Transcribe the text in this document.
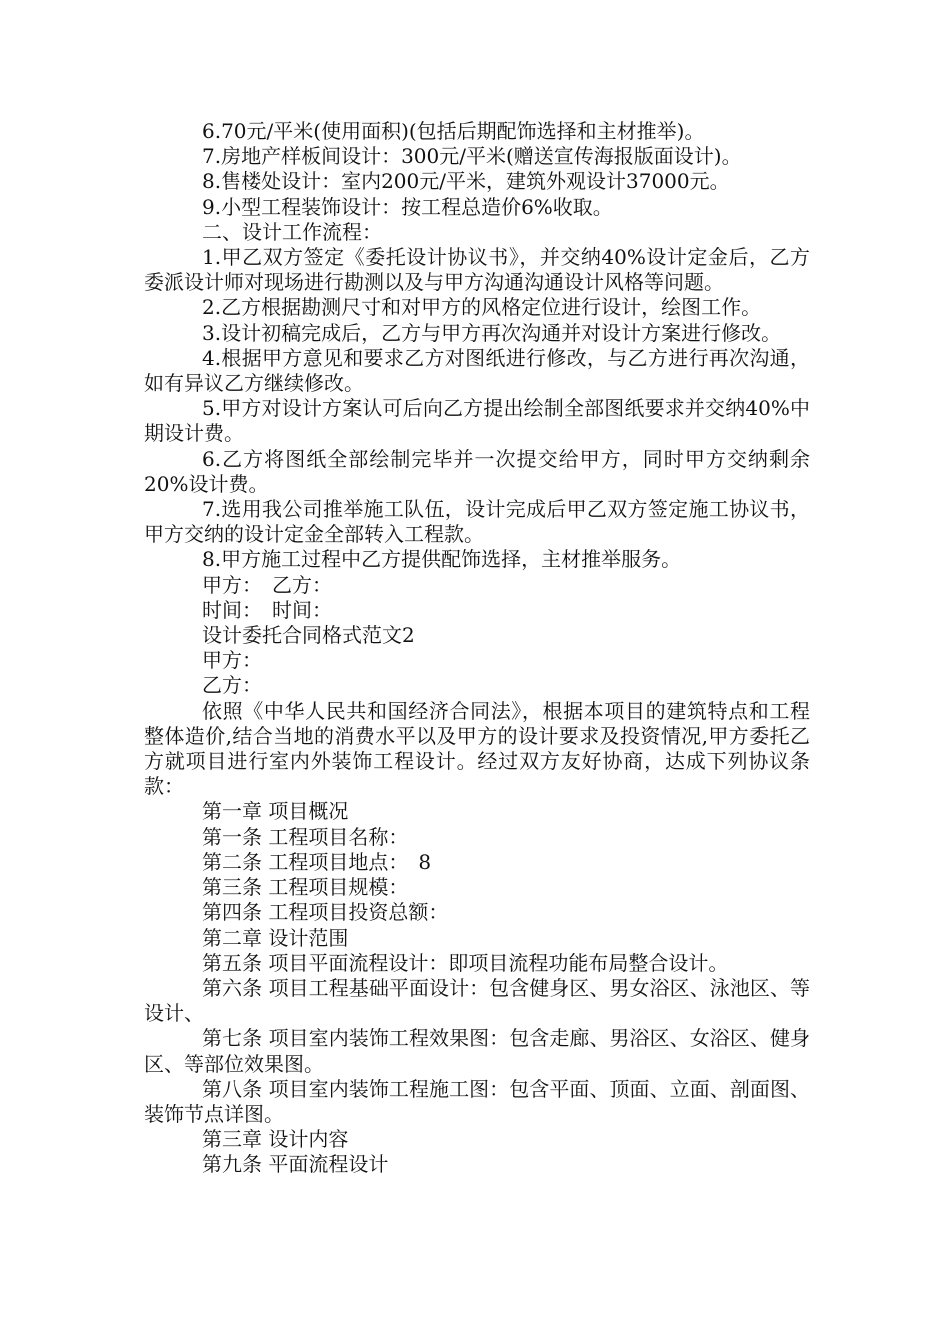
6.70元/平米(使用面积)(包括后期配饰选择和主材推举)。

7.房地产样板间设计：300元/平米(赠送宣传海报版面设计)。

8.售楼处设计：室内200元/平米，建筑外观设计37000元。

9.小型工程装饰设计：按工程总造价6%收取。

二、设计工作流程：

1.甲乙双方签定《委托设计协议书》，并交纳40%设计定金后，乙方委派设计师对现场进行勘测以及与甲方沟通沟通设计风格等问题。

2.乙方根据勘测尺寸和对甲方的风格定位进行设计，绘图工作。

3.设计初稿完成后，乙方与甲方再次沟通并对设计方案进行修改。

4.根据甲方意见和要求乙方对图纸进行修改，与乙方进行再次沟通，如有异议乙方继续修改。

5.甲方对设计方案认可后向乙方提出绘制全部图纸要求并交纳40%中期设计费。

6.乙方将图纸全部绘制完毕并一次提交给甲方，同时甲方交纳剩余20%设计费。

7.选用我公司推举施工队伍，设计完成后甲乙双方签定施工协议书，甲方交纳的设计定金全部转入工程款。

8.甲方施工过程中乙方提供配饰选择，主材推举服务。

甲方：　乙方：

时间：　时间：

设计委托合同格式范文2

甲方：

乙方：

依照《中华人民共和国经济合同法》，根据本项目的建筑特点和工程整体造价,结合当地的消费水平以及甲方的设计要求及投资情况,甲方委托乙方就项目进行室内外装饰工程设计。经过双方友好协商，达成下列协议条款：

第一章 项目概况

第一条 工程项目名称：

第二条 工程项目地点：　8

第三条 工程项目规模：

第四条 工程项目投资总额：

第二章 设计范围

第五条 项目平面流程设计：即项目流程功能布局整合设计。

第六条 项目工程基础平面设计：包含健身区、男女浴区、泳池区、等设计、

第七条 项目室内装饰工程效果图：包含走廊、男浴区、女浴区、健身区、等部位效果图。

第八条 项目室内装饰工程施工图：包含平面、顶面、立面、剖面图、装饰节点详图。

第三章 设计内容

第九条 平面流程设计
